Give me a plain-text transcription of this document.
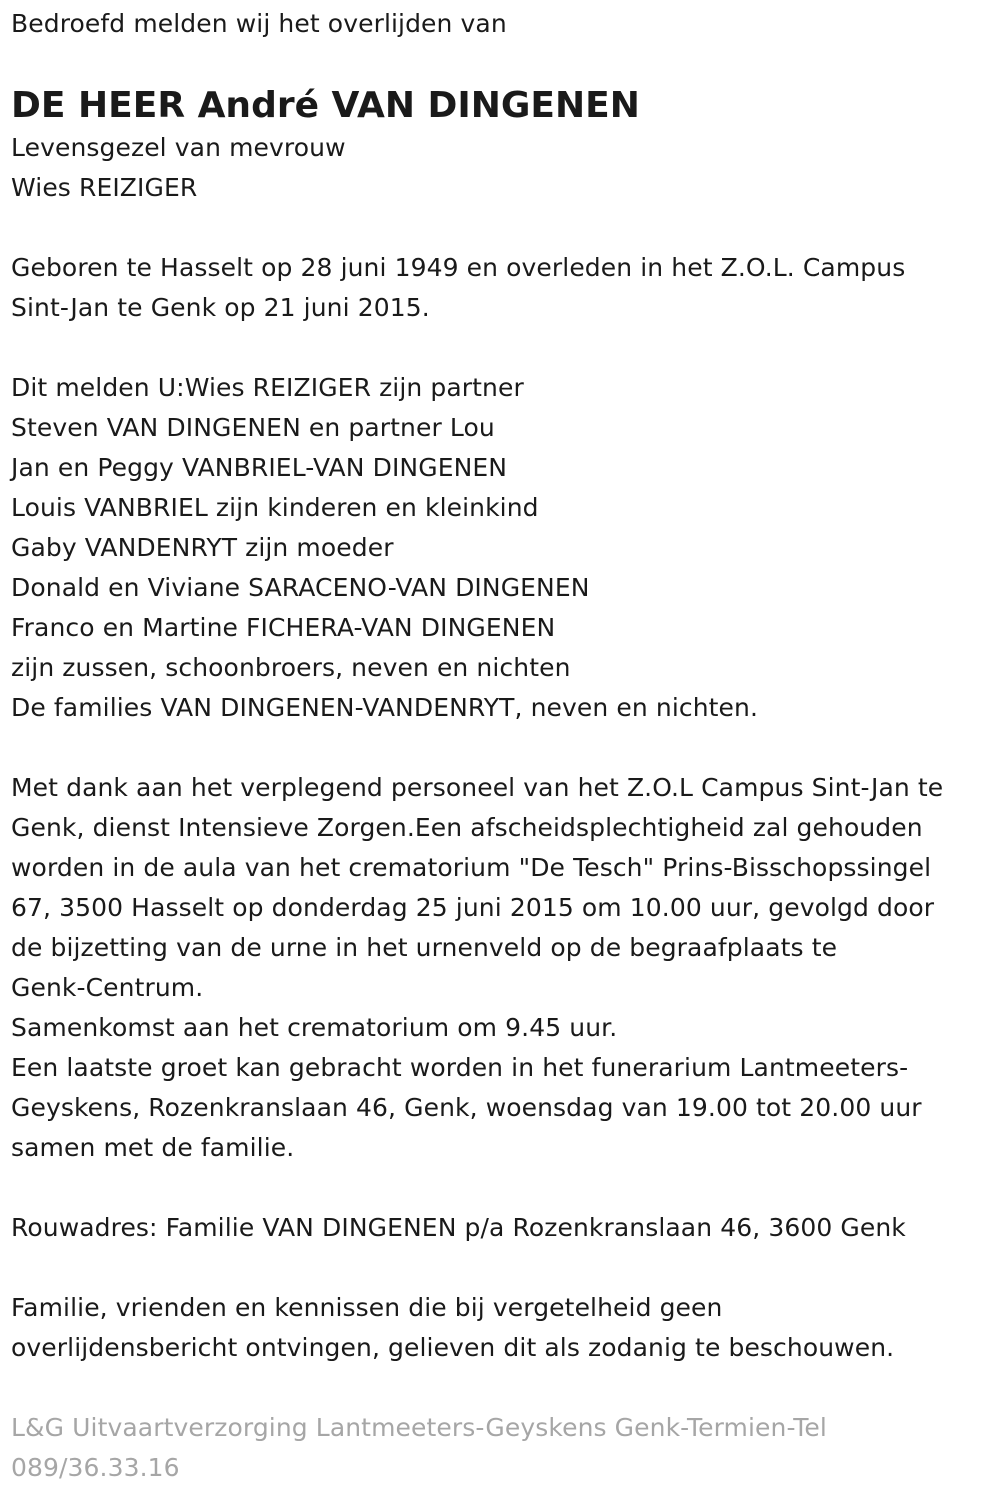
Bedroefd melden wij het overlijden van

DE HEER André VAN DINGENEN

Levensgezel van mevrouw

Wies REIZIGER

Geboren te Hasselt op 28 juni 1949 en overleden in het Z.O.L. Campus

Sint-Jan te Genk op 21 juni 2015.

Dit melden U:Wies REIZIGER zijn partner

Steven VAN DINGENEN en partner Lou

Jan en Peggy VANBRIEL-VAN DINGENEN

Louis VANBRIEL zijn kinderen en kleinkind

Gaby VANDENRYT zijn moeder

Donald en Viviane SARACENO-VAN DINGENEN

Franco en Martine FICHERA-VAN DINGENEN

zijn zussen, schoonbroers, neven en nichten

De families VAN DINGENEN-VANDENRYT, neven en nichten.

Met dank aan het verplegend personeel van het Z.O.L Campus Sint-Jan te

Genk, dienst Intensieve Zorgen.Een afscheidsplechtigheid zal gehouden

worden in de aula van het crematorium "De Tesch" Prins-Bisschopssingel

67, 3500 Hasselt op donderdag 25 juni 2015 om 10.00 uur, gevolgd door

de bijzetting van de urne in het urnenveld op de begraafplaats te

Genk-Centrum.

Samenkomst aan het crematorium om 9.45 uur.

Een laatste groet kan gebracht worden in het funerarium Lantmeeters-

Geyskens, Rozenkranslaan 46, Genk, woensdag van 19.00 tot 20.00 uur

samen met de familie.

Rouwadres: Familie VAN DINGENEN p/a Rozenkranslaan 46, 3600 Genk

Familie, vrienden en kennissen die bij vergetelheid geen

overlijdensbericht ontvingen, gelieven dit als zodanig te beschouwen.

L&G Uitvaartverzorging Lantmeeters-Geyskens Genk-Termien-Tel

089/36.33.16
